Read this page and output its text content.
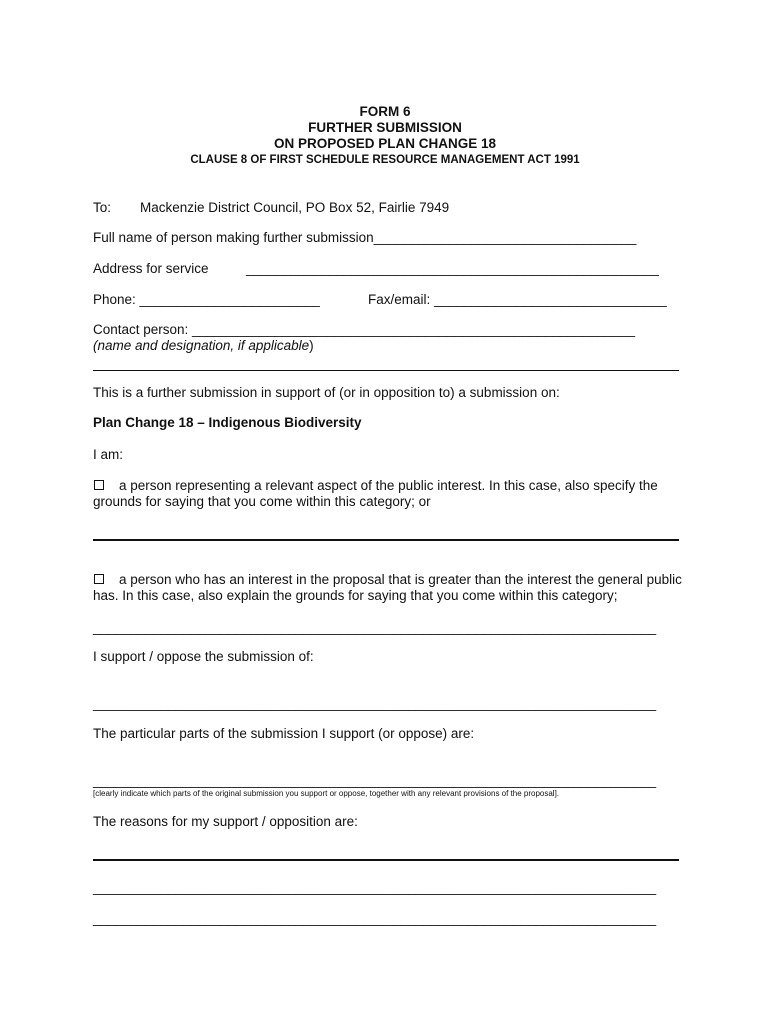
FORM 6
FURTHER SUBMISSION
ON PROPOSED PLAN CHANGE 18
CLAUSE 8 OF FIRST SCHEDULE RESOURCE MANAGEMENT ACT 1991
To: Mackenzie District Council, PO Box 52, Fairlie 7949
Full name of person making further submission___________________________________
Address for service	_______________________________________________________
Phone: ________________________	Fax/email: _______________________________
Contact person: ___________________________________________________________
(name and designation, if applicable)
This is a further submission in support of (or in opposition to) a submission on:
Plan Change 18 – Indigenous Biodiversity
I am:
a person representing a relevant aspect of the public interest. In this case, also specify the grounds for saying that you come within this category; or
a person who has an interest in the proposal that is greater than the interest the general public has. In this case, also explain the grounds for saying that you come within this category;
___________________________________________________________________________
I support / oppose the submission of:
___________________________________________________________________________
The particular parts of the submission I support (or oppose) are:
___________________________________________________________________________
[clearly indicate which parts of the original submission you support or oppose, together with any relevant provisions of the proposal].
The reasons for my support / opposition are:
___________________________________________________________________________
___________________________________________________________________________
